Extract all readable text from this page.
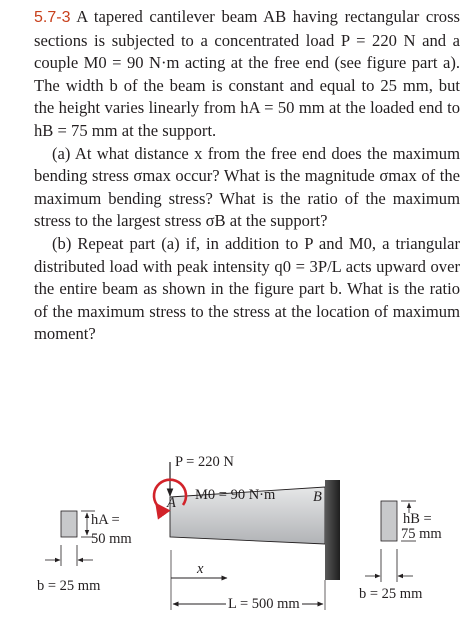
5.7-3 A tapered cantilever beam AB having rectangular cross sections is subjected to a concentrated load P = 220 N and a couple M0 = 90 N·m acting at the free end (see figure part a). The width b of the beam is constant and equal to 25 mm, but the height varies linearly from hA = 50 mm at the loaded end to hB = 75 mm at the support.

(a) At what distance x from the free end does the maximum bending stress σmax occur? What is the magnitude σmax of the maximum bending stress? What is the ratio of the maximum stress to the largest stress σB at the support?

(b) Repeat part (a) if, in addition to P and M0, a triangular distributed load with peak intensity q0 = 3P/L acts upward over the entire beam as shown in the figure part b. What is the ratio of the maximum stress to the stress at the location of maximum moment?

P = 220 N
M0 = 90 N·m
A	B
hA =
50 mm
hB =
75 mm
x
L = 500 mm
b = 25 mm	b = 25 mm
